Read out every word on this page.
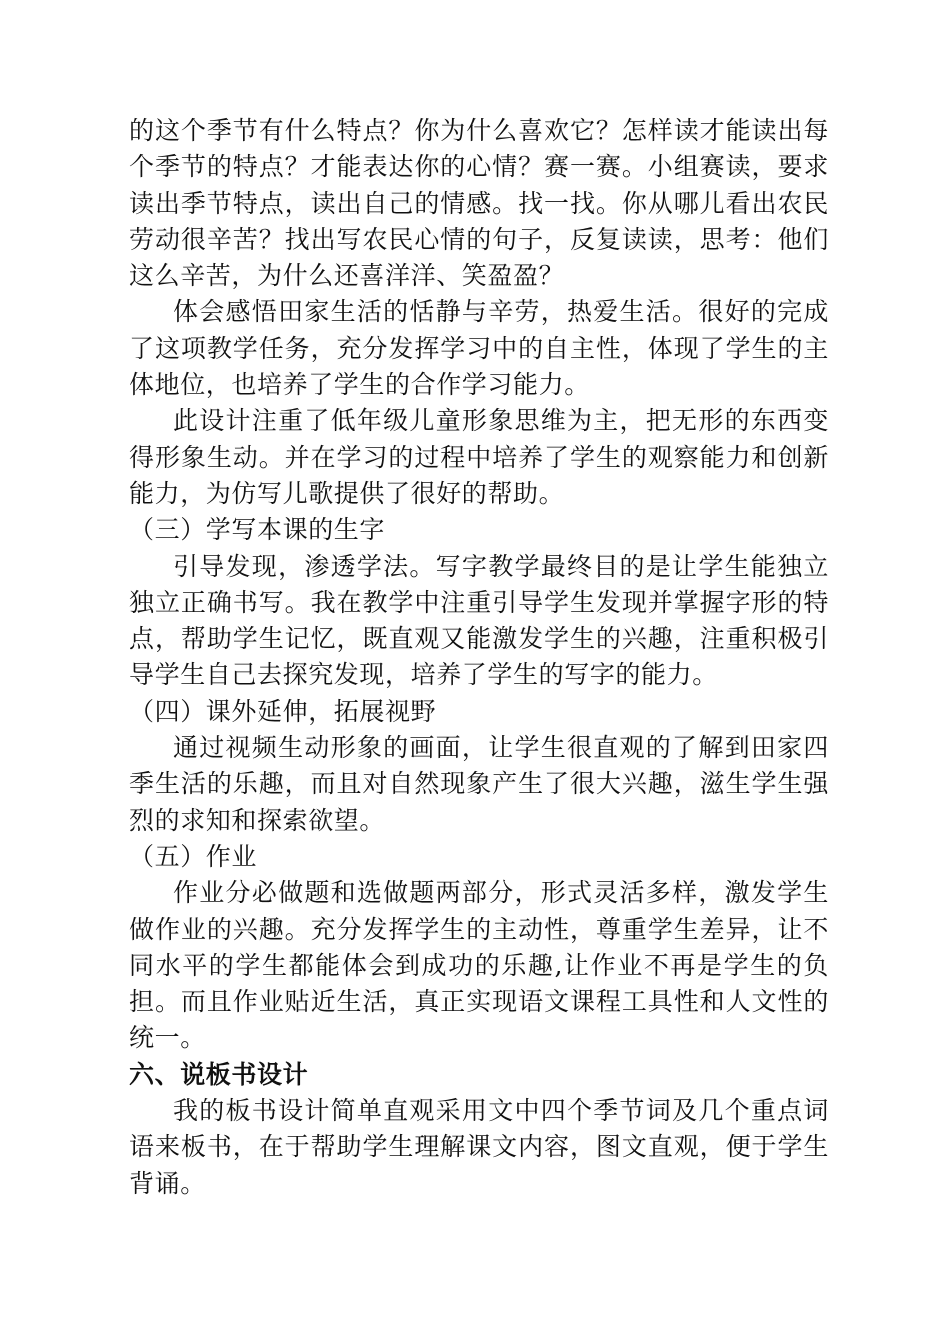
的这个季节有什么特点？你为什么喜欢它？怎样读才能读出每个季节的特点？才能表达你的心情？赛一赛。小组赛读，要求读出季节特点，读出自己的情感。找一找。你从哪儿看出农民劳动很辛苦？找出写农民心情的句子，反复读读，思考：他们这么辛苦，为什么还喜洋洋、笑盈盈？

体会感悟田家生活的恬静与辛劳，热爱生活。很好的完成了这项教学任务，充分发挥学习中的自主性，体现了学生的主体地位，也培养了学生的合作学习能力。

此设计注重了低年级儿童形象思维为主，把无形的东西变得形象生动。并在学习的过程中培养了学生的观察能力和创新能力，为仿写儿歌提供了很好的帮助。

（三）学写本课的生字

引导发现，渗透学法。写字教学最终目的是让学生能独立独立正确书写。我在教学中注重引导学生发现并掌握字形的特点，帮助学生记忆，既直观又能激发学生的兴趣，注重积极引导学生自己去探究发现，培养了学生的写字的能力。

（四）课外延伸，拓展视野

通过视频生动形象的画面，让学生很直观的了解到田家四季生活的乐趣，而且对自然现象产生了很大兴趣，滋生学生强烈的求知和探索欲望。

（五）作业

作业分必做题和选做题两部分，形式灵活多样，激发学生做作业的兴趣。充分发挥学生的主动性，尊重学生差异，让不同水平的学生都能体会到成功的乐趣,让作业不再是学生的负担。而且作业贴近生活，真正实现语文课程工具性和人文性的统一。

六、说板书设计

我的板书设计简单直观采用文中四个季节词及几个重点词语来板书，在于帮助学生理解课文内容，图文直观，便于学生背诵。
